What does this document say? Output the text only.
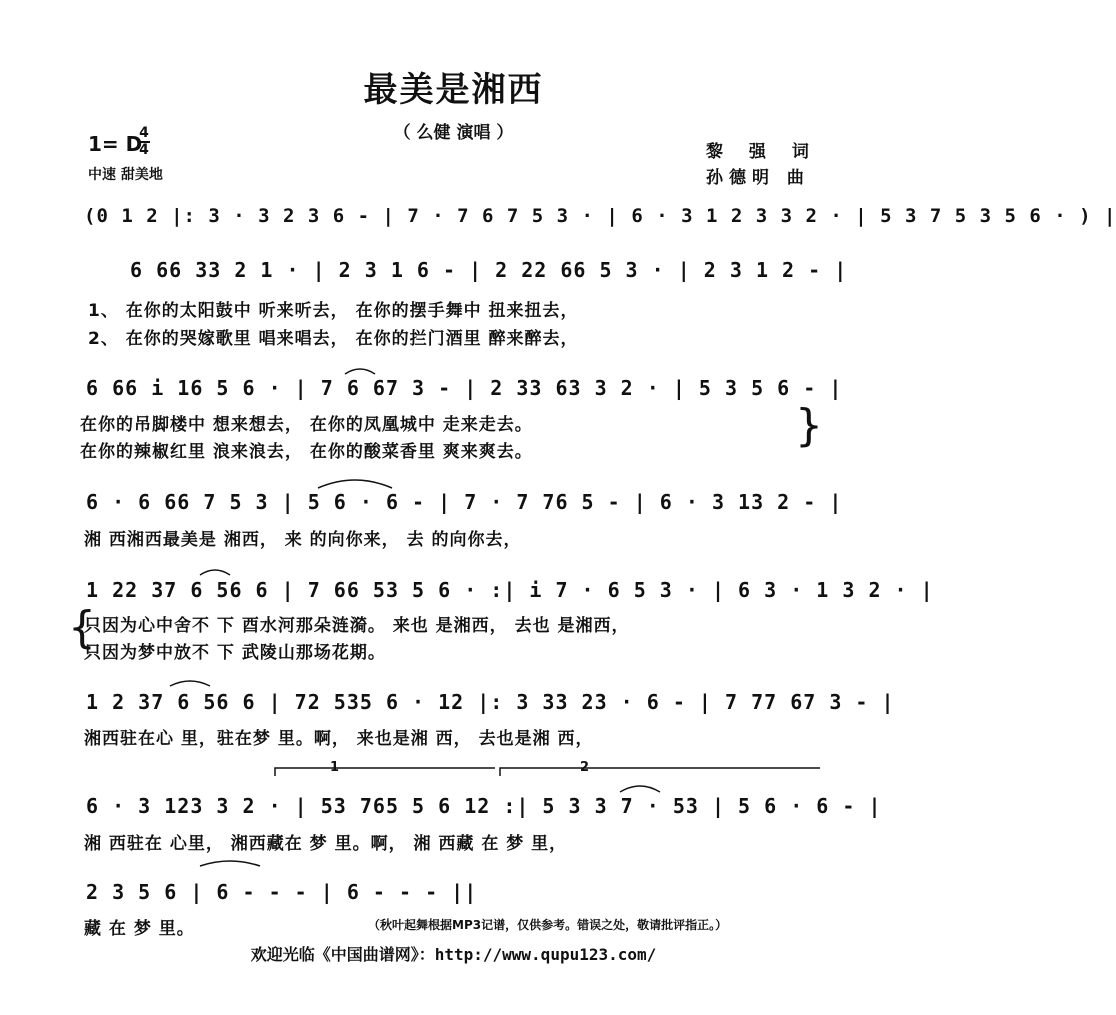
最美是湘西
（ 么健 演唱 ）
1= D
4
4
中速 甜美地
黎 强 词
孙德明 曲
(0 1 2 |: 3 · 3 2 3 6 - | 7 · 7 6 7 5 3 · | 6 · 3 1 2 3 3 2 · | 5 3 7 5 3 5 6 · ) |
6 66 33 2 1 · | 2 3 1 6 - | 2 22 66 5 3 · | 2 3 1 2 - |
1、 在你的太阳鼓中 听来听去， 在你的摆手舞中 扭来扭去，
2、 在你的哭嫁歌里 唱来唱去， 在你的拦门酒里 醉来醉去，
6 66 i 16 5 6 · | 7 6 67 3 - | 2 33 63 3 2 · | 5 3 5 6 - |
在你的吊脚楼中 想来想去， 在你的凤凰城中 走来走去。
在你的辣椒红里 浪来浪去， 在你的酸菜香里 爽来爽去。
}
6 · 6 66 7 5 3 | 5 6 · 6 - | 7 · 7 76 5 - | 6 · 3 13 2 - |
湘 西湘西最美是 湘西， 来 的向你来， 去 的向你去，
1 22 37 6 56 6 | 7 66 53 5 6 · :| i 7 · 6 5 3 · | 6 3 · 1 3 2 · |
{
只因为心中舍不 下 酉水河那朵涟漪。 来也 是湘西， 去也 是湘西，
只因为梦中放不 下 武陵山那场花期。
1 2 37 6 56 6 | 72 535 6 · 12 |: 3 33 23 · 6 - | 7 77 67 3 - |
湘西驻在心 里，驻在梦 里。啊， 来也是湘 西， 去也是湘 西，
1	2
6 · 3 123 3 2 · | 53 765 5 6 12 :| 5 3 3 7 · 53 | 5 6 · 6 - |
湘 西驻在 心里， 湘西藏在 梦 里。啊， 湘 西藏 在 梦 里，
2 3 5 6 | 6 - - - | 6 - - - ||
藏 在 梦 里。	（秋叶起舞根据MP3记谱，仅供参考。错误之处，敬请批评指正。）
欢迎光临《中国曲谱网》：http://www.qupu123.com/
